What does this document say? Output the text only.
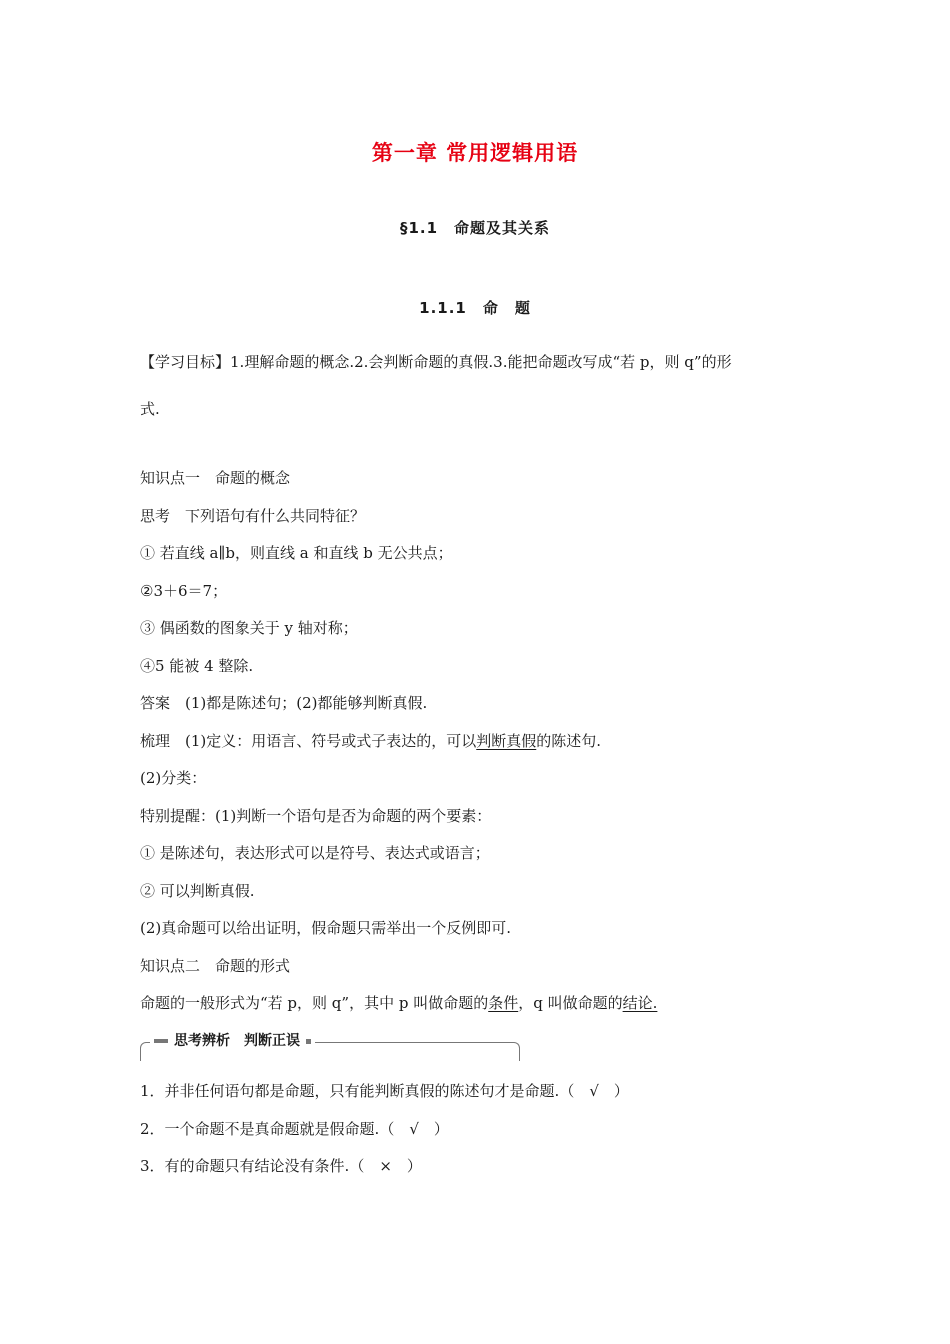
第一章 常用逻辑用语
§1.1　命题及其关系
1.1.1　命　题
【学习目标】1.理解命题的概念.2.会判断命题的真假.3.能把命题改写成“若 p，则 q”的形
式.
知识点一　命题的概念
思考　下列语句有什么共同特征？
① 若直线 a∥b，则直线 a 和直线 b 无公共点；
②3＋6＝7；
③ 偶函数的图象关于 y 轴对称；
④5 能被 4 整除.
答案　(1)都是陈述句；(2)都能够判断真假.
梳理　(1)定义：用语言、符号或式子表达的，可以判断真假的陈述句.
(2)分类：
特别提醒：(1)判断一个语句是否为命题的两个要素：
① 是陈述句，表达形式可以是符号、表达式或语言；
② 可以判断真假.
(2)真命题可以给出证明，假命题只需举出一个反例即可.
知识点二　命题的形式
命题的一般形式为“若 p，则 q”，其中 p 叫做命题的条件，q 叫做命题的结论.
思考辨析　判断正误
1．并非任何语句都是命题，只有能判断真假的陈述句才是命题.（　√　）
2．一个命题不是真命题就是假命题.（　√　）
3．有的命题只有结论没有条件.（　×　）
